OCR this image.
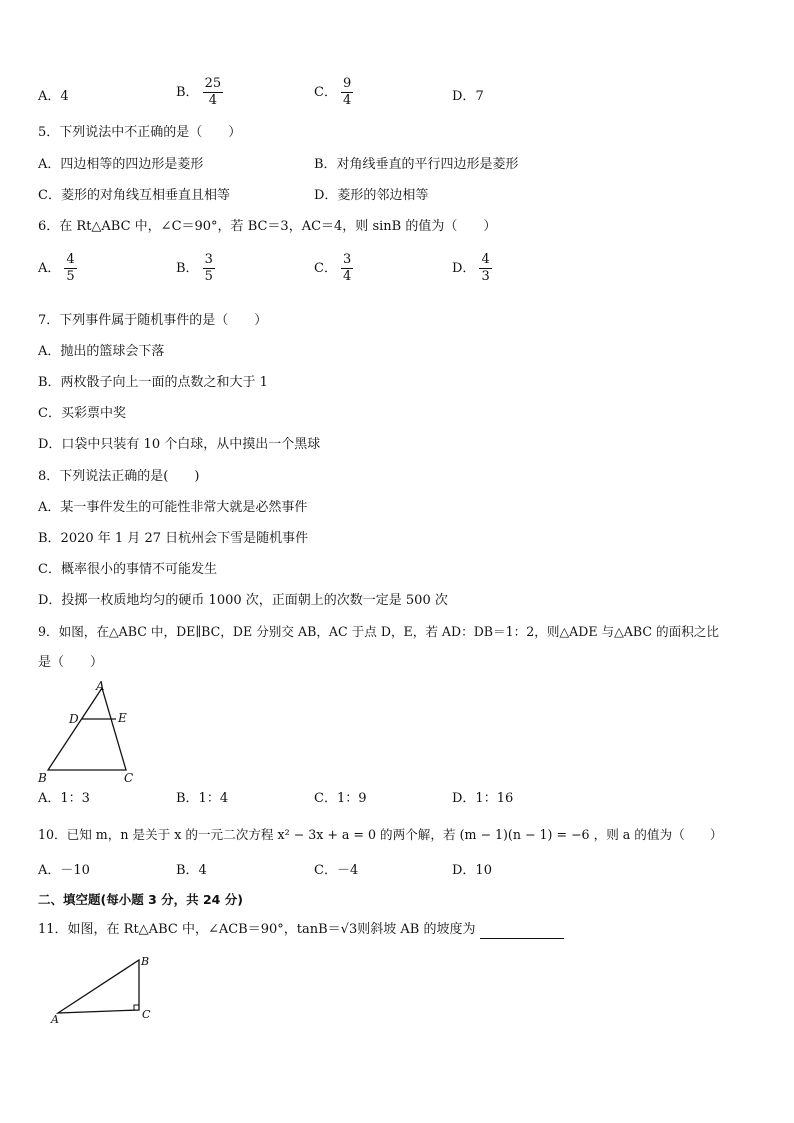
A．4	B． $\frac{25}{4}$	C． $\frac{9}{4}$	D．7
5．下列说法中不正确的是（　　）
A．四边相等的四边形是菱形	B．对角线垂直的平行四边形是菱形
C．菱形的对角线互相垂直且相等	D．菱形的邻边相等
6．在 Rt△ABC 中，∠C＝90°，若 BC＝3，AC＝4，则 sinB 的值为（　　）
A． $\frac{4}{5}$	B． $\frac{3}{5}$	C． $\frac{3}{4}$	D． $\frac{4}{3}$
7．下列事件属于随机事件的是（　　）
A．抛出的篮球会下落
B．两枚骰子向上一面的点数之和大于 1
C．买彩票中奖
D．口袋中只装有 10 个白球，从中摸出一个黑球
8．下列说法正确的是(　　)
A．某一事件发生的可能性非常大就是必然事件
B．2020 年 1 月 27 日杭州会下雪是随机事件
C．概率很小的事情不可能发生
D．投掷一枚质地均匀的硬币 1000 次，正面朝上的次数一定是 500 次
9．如图，在△ABC 中，DE∥BC，DE 分别交 AB，AC 于点 D，E，若 AD：DB＝1：2，则△ADE 与△ABC 的面积之比
是（　　）
A
D	E
B	C
A．1：3	B．1：4	C．1：9	D．1：16
10．已知 m，n 是关于 x 的一元二次方程 x² − 3x + a = 0 的两个解，若 (m − 1)(n − 1) = −6 ，则 a 的值为（　　）
A．－10	B．4	C．－4	D．10
二、填空题(每小题 3 分，共 24 分)
11．如图，在 Rt△ABC 中，∠ACB＝90°，tanB＝√3则斜坡 AB 的坡度为
A
B
C
